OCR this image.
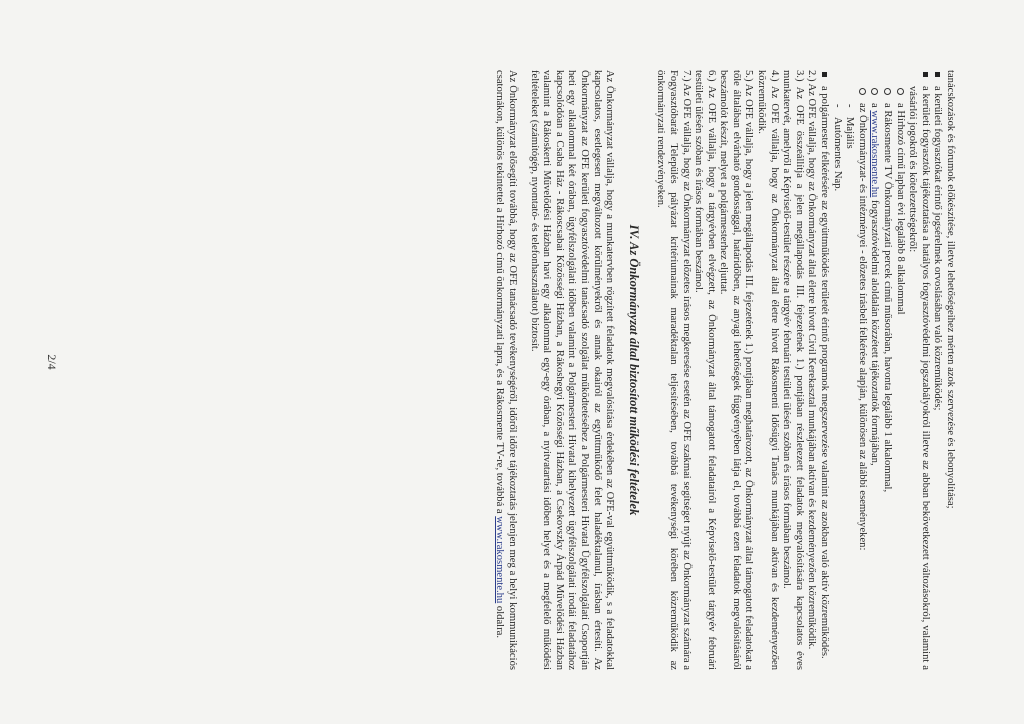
tanácskozások és fórumok előkészítése, illetve lehetőségeihez mérten azok szervezése és lebonyolítása;

a kerületi fogyasztókat érintő jogsérelmek orvoslásában való közreműködés;
a kerületi fogyasztók tájékoztatása a hatályos fogyasztóvédelmi jogszabályokról illetve az abban bekövetkezett változásokról, valamint a vásárlói jogokról és kötelezettségekről:
a Hírhozó című lapban évi legalább 8 alkalommal
a Rákosmente TV Önkormányzati percek című műsorában, havonta legalább 1 alkalommal,
a www.rakosmente.hu fogyasztóvédelmi aloldalán közzétett tájékoztatók formájában,
az Önkormányzat- és intézményei - előzetes írásbeli felkérése alapján, különösen az alábbi eseményeken:
-
Majális
-
Autómentes Nap.
a polgármester felkérésére az együttműködés területét érintő programok megszervezése valamint az azokban való aktív közreműködés.

2.) Az OFE vállalja, hogy az Önkormányzat által életre hívott Civil Kerekasztal munkájában aktívan és kezdeményezően közreműködik.

3.) Az OFE összeállítja a jelen megállapodás III. fejezetének 1.) pontjában részletezett feladatok megvalósítására kapcsolatos éves munkatervét, amelyről a Képviselő-testület részére a tárgyév februári testületi ülésén szóban és írásos formában beszámol.

4.) Az OFE vállalja, hogy az Önkormányzat által életre hívott Rákosmenti Idősügyi Tanács munkájában aktívan és kezdeményezően közreműködik.

5.) Az OFE vállalja, hogy a jelen megállapodás III. fejezetének 1.) pontjában meghatározott, az Önkormányzat által támogatott feladatokat a tőle általában elvárható gondossággal, határidőben, az anyagi lehetőségek függvényében látja el, továbbá ezen feladatok megvalósításáról beszámolót készít, melyet a polgármesterhez eljuttat.

6.) Az OFE vállalja, hogy a tárgyévben elvégzett, az Önkormányzat által támogatott feladatairól a Képviselő-testület tárgyév februári testületi ülésén szóban és írásos formában beszámol.

7.) Az OFE vállalja, hogy az Önkormányzat előzetes írásos megkeresése esetén az OFE szakmai segítséget nyújt az Önkormányzat számára a Fogyasztóbarát Település pályázat kritériumainak maradéktalan teljesítésében, továbbá tevékenységi körében közreműködik az önkormányzati rendezvényeken.

IV. Az Önkormányzat által biztosított működési feltételek

Az Önkormányzat vállalja, hogy a munkatervben rögzített feladatok megvalósítása érdekében az OFE-val együttműködik, s a feladatokkal kapcsolatos, esetlegesen megváltozott körülményekről és annak okairól az együttműködő felet haladéktalanul, írásban értesíti. Az Önkormányzat az OFE kerületi fogyasztóvédelmi tanácsadó szolgálat működtetéséhez a Polgármesteri Hivatal Ügyfélszolgálati Csoportján heti egy alkalommal két órában, ügyfélszolgálati időben valamint a Polgármesteri Hivatal kihelyezett ügyfélszolgálati irodái feladatához kapcsolódóan a Csaba Ház - Rákoscsabai Közösségi Házban, a Rákoshegyi Közösségi Házban, a Csekovszky Árpád Művelődési Házban valamint a Rákoskerti Művelődési Házban havi egy alkalommal egy-egy órában, a nyitvatartási időben helyet és a megfelelő működési feltételeket (számítógép, nyomtató- és telefonhasználatot) biztosít.

Az Önkormányzat elősegíti továbbá, hogy az OFE tanácsadó tevékenységéről, időről időre tájékoztatás jelenjen meg a helyi kommunikációs csatornákon, különös tekintettel a Hírhozó című önkormányzati lapra, és a Rákosmente TV-re, továbbá a www.rakosmente.hu oldalra.

2/4
